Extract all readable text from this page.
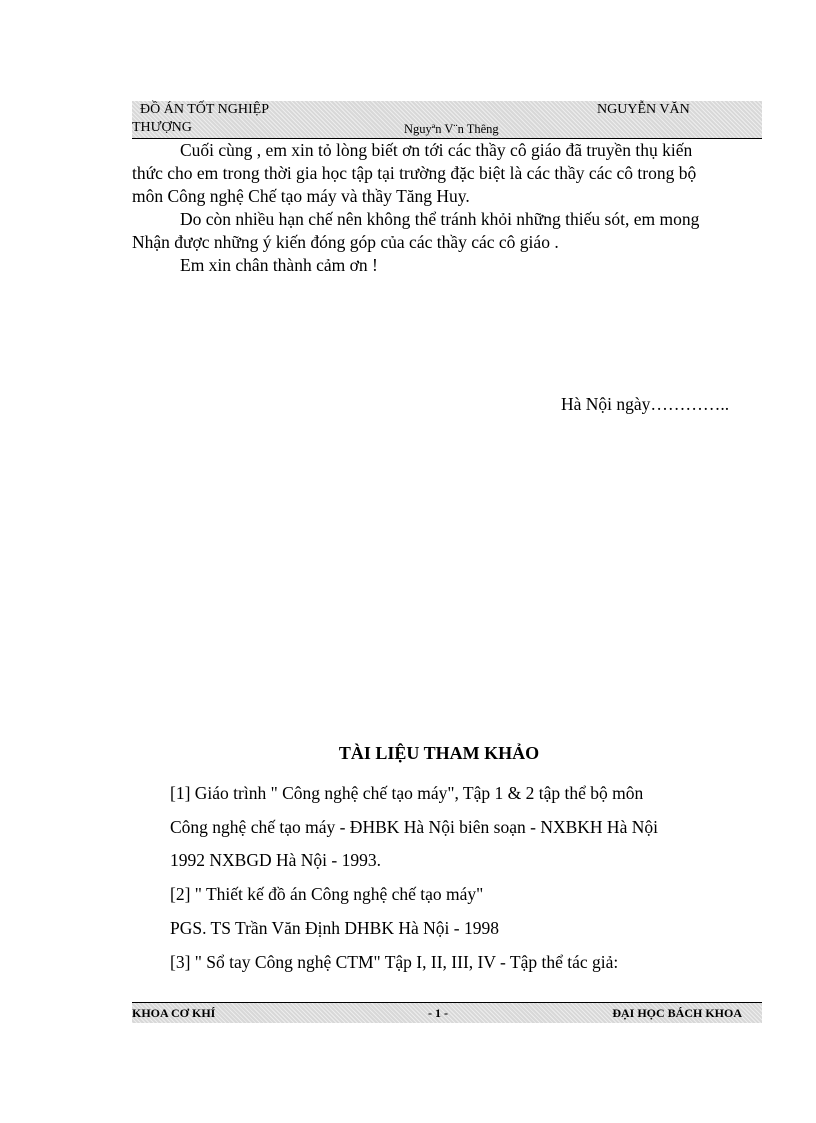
ĐỒ ÁN TỐT NGHIỆP	NGUYỄN VĂN
THƯỢNG	Nguyªn V¨n Thêng
Cuối cùng , em xin tỏ lòng biết ơn tới các thầy cô giáo đã truyền thụ kiến
thức cho em trong thời gia học tập tại trường đặc biệt là các thầy các cô trong bộ
môn Công nghệ Chế tạo máy và thầy Tăng Huy.
Do còn nhiều hạn chế nên không thể tránh khỏi những thiếu sót, em mong
Nhận được những ý kiến đóng góp của các thầy các cô giáo .
Em xin chân thành cảm ơn !
Hà Nội ngày…………..
TÀI LIỆU THAM KHẢO
[1] Giáo trình " Công nghệ chế tạo máy", Tập 1 & 2 tập thể bộ môn
Công nghệ chế tạo máy - ĐHBK Hà Nội biên soạn - NXBKH Hà Nội
1992 NXBGD Hà Nội - 1993.
[2] " Thiết kế đồ án Công nghệ chế tạo máy"
PGS. TS Trần Văn Định DHBK Hà Nội - 1998
[3] " Sổ tay Công nghệ CTM" Tập I, II, III, IV - Tập thể tác giả:
KHOA CƠ KHÍ	- 1 -	ĐẠI HỌC BÁCH KHOA
